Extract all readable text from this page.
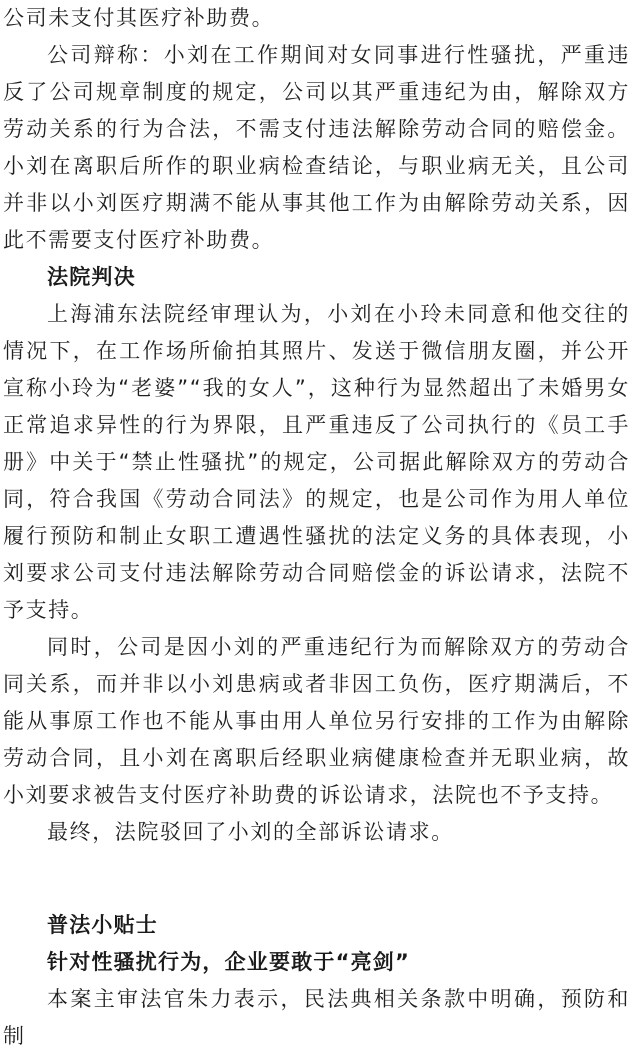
公司未支付其医疗补助费。

公司辩称：小刘在工作期间对女同事进行性骚扰，严重违反了公司规章制度的规定，公司以其严重违纪为由，解除双方劳动关系的行为合法，不需支付违法解除劳动合同的赔偿金。小刘在离职后所作的职业病检查结论，与职业病无关，且公司并非以小刘医疗期满不能从事其他工作为由解除劳动关系，因此不需要支付医疗补助费。

法院判决

上海浦东法院经审理认为，小刘在小玲未同意和他交往的情况下，在工作场所偷拍其照片、发送于微信朋友圈，并公开宣称小玲为“老婆”“我的女人”，这种行为显然超出了未婚男女正常追求异性的行为界限，且严重违反了公司执行的《员工手册》中关于“禁止性骚扰”的规定，公司据此解除双方的劳动合同，符合我国《劳动合同法》的规定，也是公司作为用人单位履行预防和制止女职工遭遇性骚扰的法定义务的具体表现，小刘要求公司支付违法解除劳动合同赔偿金的诉讼请求，法院不予支持。

同时，公司是因小刘的严重违纪行为而解除双方的劳动合同关系，而并非以小刘患病或者非因工负伤，医疗期满后，不能从事原工作也不能从事由用人单位另行安排的工作为由解除劳动合同，且小刘在离职后经职业病健康检查并无职业病，故小刘要求被告支付医疗补助费的诉讼请求，法院也不予支持。

最终，法院驳回了小刘的全部诉讼请求。

普法小贴士
针对性骚扰行为，企业要敢于“亮剑”

本案主审法官朱力表示，民法典相关条款中明确，预防和制
